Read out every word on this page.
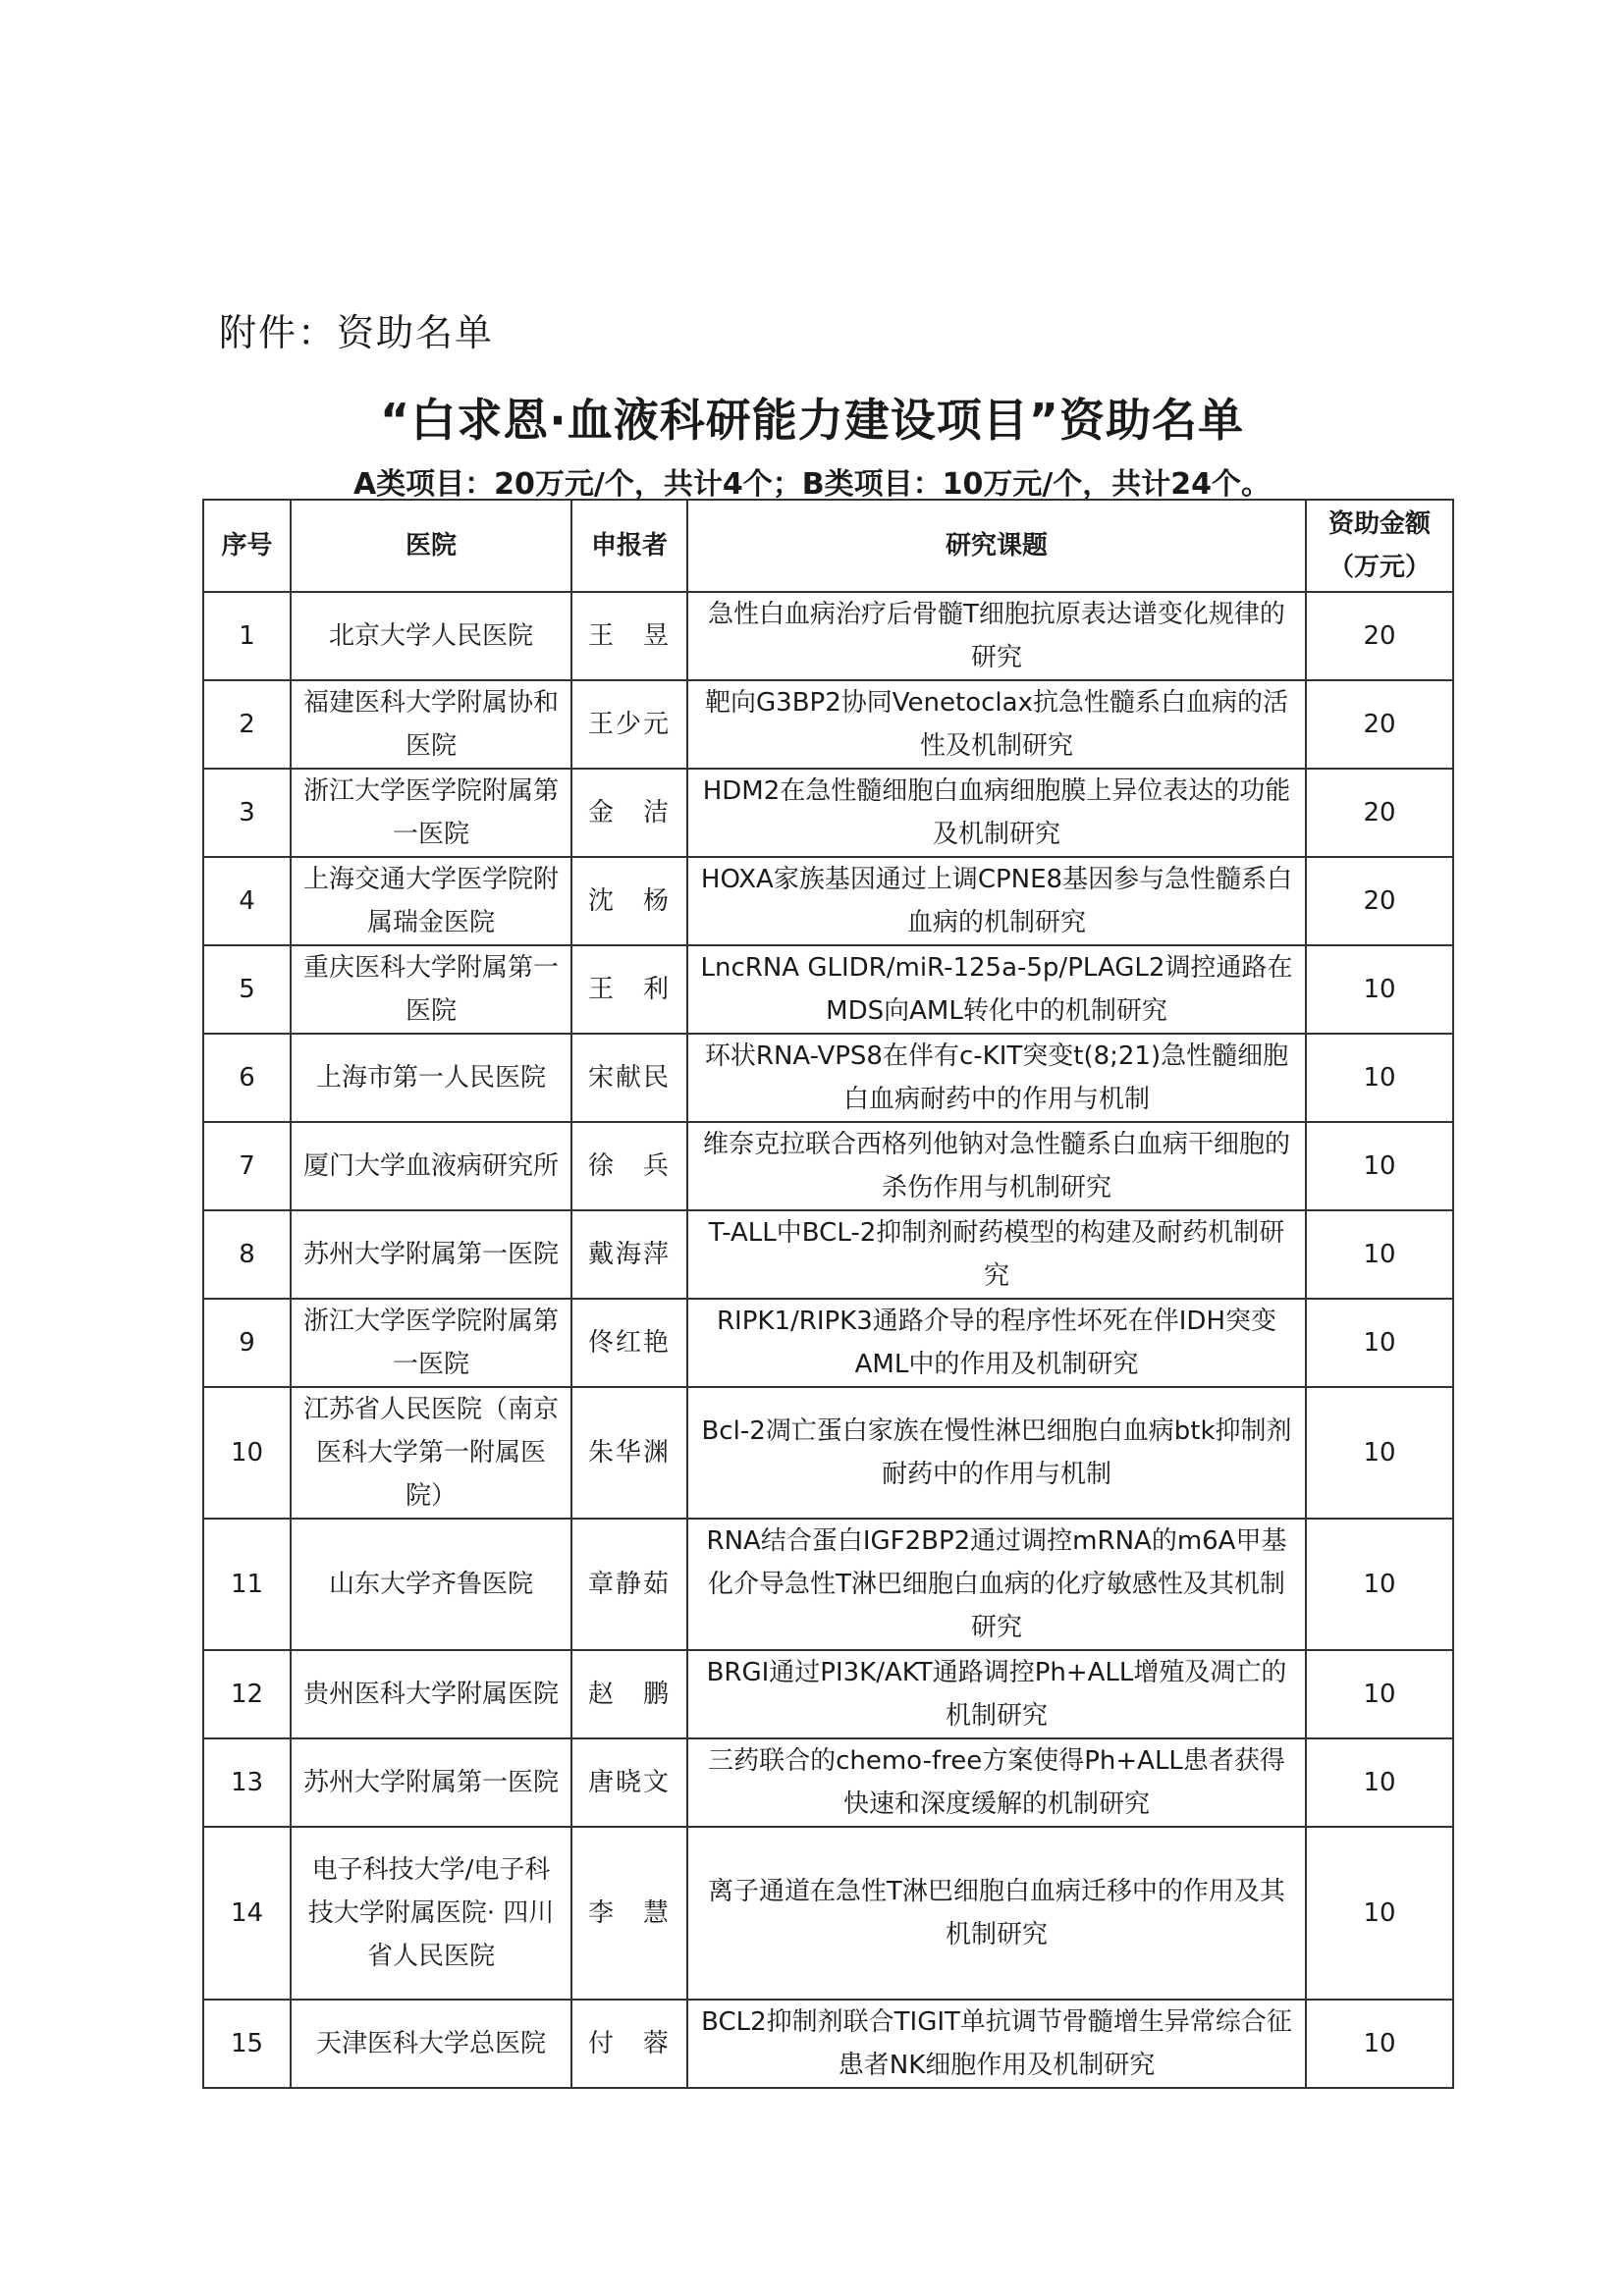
附件：资助名单
“白求恩·血液科研能力建设项目”资助名单
A类项目：20万元/个，共计4个；B类项目：10万元/个，共计24个。
序号	医院	申报者	研究课题	资助金额
（万元）

1	北京大学人民医院	王　昱	急性白血病治疗后骨髓T细胞抗原表达谱变化规律的研究	20
2	福建医科大学附属协和医院	王少元	靶向G3BP2协同Venetoclax抗急性髓系白血病的活性及机制研究	20
3	浙江大学医学院附属第一医院	金　洁	HDM2在急性髓细胞白血病细胞膜上异位表达的功能及机制研究	20
4	上海交通大学医学院附属瑞金医院	沈　杨	HOXA家族基因通过上调CPNE8基因参与急性髓系白血病的机制研究	20
5	重庆医科大学附属第一医院	王　利	LncRNA GLIDR/miR-125a-5p/PLAGL2调控通路在MDS向AML转化中的机制研究	10
6	上海市第一人民医院	宋献民	环状RNA-VPS8在伴有c-KIT突变t(8;21)急性髓细胞白血病耐药中的作用与机制	10
7	厦门大学血液病研究所	徐　兵	维奈克拉联合西格列他钠对急性髓系白血病干细胞的杀伤作用与机制研究	10
8	苏州大学附属第一医院	戴海萍	T-ALL中BCL-2抑制剂耐药模型的构建及耐药机制研究	10
9	浙江大学医学院附属第一医院	佟红艳	RIPK1/RIPK3通路介导的程序性坏死在伴IDH突变AML中的作用及机制研究	10
10	江苏省人民医院（南京医科大学第一附属医院）	朱华渊	Bcl-2凋亡蛋白家族在慢性淋巴细胞白血病btk抑制剂耐药中的作用与机制	10
11	山东大学齐鲁医院	章静茹	RNA结合蛋白IGF2BP2通过调控mRNA的m6A甲基化介导急性T淋巴细胞白血病的化疗敏感性及其机制研究	10
12	贵州医科大学附属医院	赵　鹏	BRGI通过PI3K/AKT通路调控Ph+ALL增殖及凋亡的机制研究	10
13	苏州大学附属第一医院	唐晓文	三药联合的chemo-free方案使得Ph+ALL患者获得快速和深度缓解的机制研究	10
14	电子科技大学/电子科技大学附属医院· 四川省人民医院	李　慧	离子通道在急性T淋巴细胞白血病迁移中的作用及其机制研究	10
15	天津医科大学总医院	付　蓉	BCL2抑制剂联合TIGIT单抗调节骨髓增生异常综合征患者NK细胞作用及机制研究	10
